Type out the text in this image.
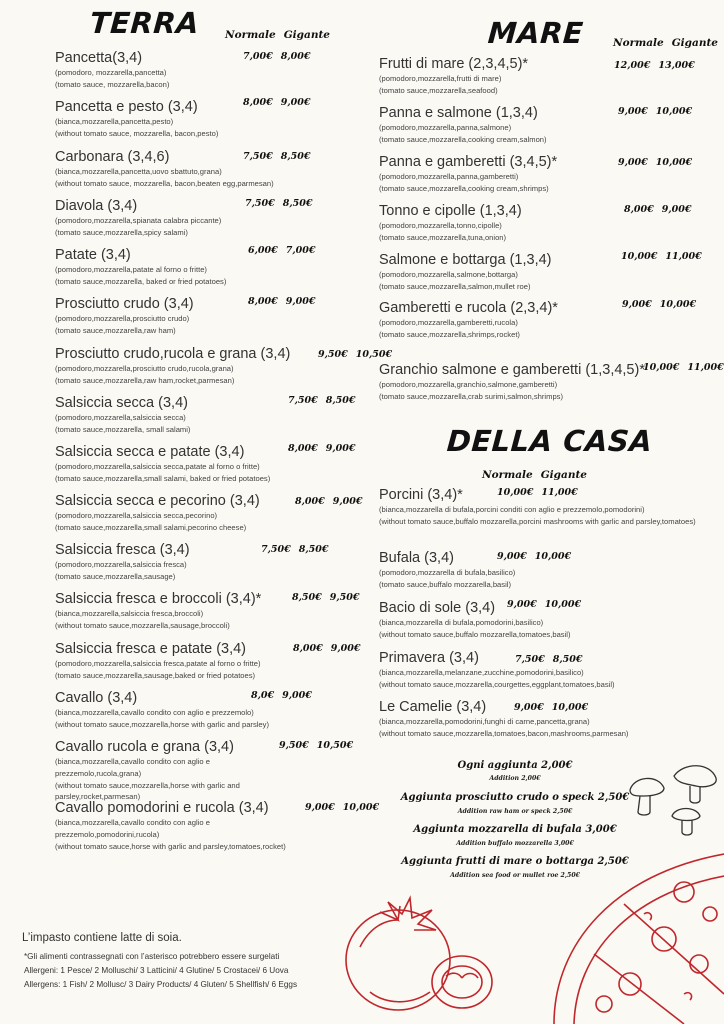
TERRA Normale Gigante
Pancetta(3,4)
(pomodoro, mozzarella,pancetta)
(tomato sauce, mozzarella,bacon)
7,00€ 8,00€
Pancetta e pesto (3,4)
(bianca,mozzarella,pancetta,pesto)
(without tomato sauce, mozzarella, bacon,pesto)
8,00€ 9,00€
Carbonara (3,4,6)
(bianca,mozzarella,pancetta,uovo sbattuto,grana)
(without tomato sauce, mozzarella, bacon,beaten egg,parmesan)
7,50€ 8,50€
Diavola (3,4)
(pomodoro,mozzarella,spianata calabra piccante)
(tomato sauce,mozzarella,spicy salami)
7,50€ 8,50€
Patate (3,4)
(pomodoro,mozzarella,patate al forno o fritte)
(tomato sauce,mozzarella, baked or fried potatoes)
6,00€ 7,00€
Prosciutto crudo (3,4)
(pomodoro,mozzarella,prosciutto crudo)
(tomato sauce,mozzarella,raw ham)
8,00€ 9,00€
Prosciutto crudo,rucola e grana (3,4)
(pomodoro,mozzarella,prosciutto crudo,rucola,grana)
(tomato sauce,mozzarella,raw ham,rocket,parmesan)
9,50€ 10,50€
Salsiccia secca (3,4)
(pomodoro,mozzarella,salsiccia secca)
(tomato sauce,mozzarella, small salami)
7,50€ 8,50€
Salsiccia secca e patate (3,4)
(pomodoro,mozzarella,salsiccia secca,patate al forno o fritte)
(tomato sauce,mozzarella,small salami, baked or fried potatoes)
8,00€ 9,00€
Salsiccia secca e pecorino (3,4)
(pomodoro,mozzarella,salsiccia secca,pecorino)
(tomato sauce,mozzarella,small salami,pecorino cheese)
8,00€ 9,00€
Salsiccia fresca (3,4)
(pomodoro,mozzarella,salsiccia fresca)
(tomato sauce,mozzarella,sausage)
7,50€ 8,50€
Salsiccia fresca e broccoli (3,4)*
(bianca,mozzarella,salsiccia fresca,broccoli)
(without tomato sauce,mozzarella,sausage,broccoli)
8,50€ 9,50€
Salsiccia fresca e patate (3,4)
(pomodoro,mozzarella,salsiccia fresca,patate al forno o fritte)
(tomato sauce,mozzarella,sausage,baked or fried potatoes)
8,00€ 9,00€
Cavallo (3,4)
(bianca,mozzarella,cavallo condito con aglio e prezzemolo)
(without tomato sauce,mozzarella,horse with garlic and parsley)
8,0€ 9,00€
Cavallo rucola e grana (3,4)
(bianca,mozzarella,cavallo condito con aglio e prezzemolo,rucola,grana)
(without tomato sauce,mozzarella,horse with garlic and parsley,rocket,parmesan)
9,50€ 10,50€
Cavallo pomodorini e rucola (3,4)
(bianca,mozzarella,cavallo condito con aglio e prezzemolo,pomodorini,rucola)
(without tomato sauce,horse with garlic and parsley,tomatoes,rocket)
9,00€ 10,00€
MARE	Normale Gigante
Frutti di mare (2,3,4,5)*
(pomodoro,mozzarella,frutti di mare)
(tomato sauce,mozzarella,seafood)
12,00€ 13,00€
Panna e salmone (1,3,4)
(pomodoro,mozzarella,panna,salmone)
(tomato sauce,mozzarella,cooking cream,salmon)
9,00€ 10,00€
Panna e gamberetti (3,4,5)*
(pomodoro,mozzarella,panna,gamberetti)
(tomato sauce,mozzarella,cooking cream,shrimps)
9,00€ 10,00€
Tonno e cipolle (1,3,4)
(pomodoro,mozzarella,tonno,cipolle)
(tomato sauce,mozzarella,tuna,onion)
8,00€ 9,00€
Salmone e bottarga (1,3,4)
(pomodoro,mozzarella,salmone,bottarga)
(tomato sauce,mozzarella,salmon,mullet roe)
10,00€ 11,00€
Gamberetti e rucola (2,3,4)*
(pomodoro,mozzarella,gamberetti,rucola)
(tomato sauce,mozzarella,shrimps,rocket)
9,00€ 10,00€
Granchio salmone e gamberetti (1,3,4,5)*
(pomodoro,mozzarella,granchio,salmone,gamberetti)
(tomato sauce,mozzarella,crab surimi,salmon,shrimps)
10,00€ 11,00€
DELLA CASA
Normale Gigante
Porcini (3,4)*
(bianca,mozzarella di bufala,porcini conditi con aglio e prezzemolo,pomodorini)
(without tomato sauce,buffalo mozzarella,porcini mashrooms with garlic and parsley,tomatoes)
10,00€ 11,00€
Bufala (3,4)
(pomodoro,mozzarella di bufala,basilico)
(tomato sauce,buffalo mozzarella,basil)
9,00€ 10,00€
Bacio di sole (3,4)
(bianca,mozzarella di bufala,pomodorini,basilico)
(without tomato sauce,buffalo mozzarella,tomatoes,basil)
9,00€ 10,00€
Primavera (3,4)
(bianca,mozzarella,melanzane,zucchine,pomodorini,basilico)
(without tomato sauce,mozzarella,courgettes,eggplant,tomatoes,basil)
7,50€ 8,50€
Le Camelie (3,4)
(bianca,mozzarella,pomodorini,funghi di carne,pancetta,grana)
(without tomato sauce,mozzarella,tomatoes,bacon,mashrooms,parmesan)
9,00€ 10,00€
Ogni aggiunta 2,00€
Addition 2,00€
Aggiunta prosciutto crudo o speck 2,50€
Addition raw ham or speck 2,50€
Aggiunta mozzarella di bufala 3,00€
Addition buffalo mozzarella 3,00€
Aggiunta frutti di mare o bottarga 2,50€
Addition sea food or mullet roe 2,50€
L’impasto contiene latte di soia.
*Gli alimenti contrassegnati con l’asterisco potrebbero essere surgelati
Allergeni: 1 Pesce/ 2 Molluschi/ 3 Latticini/ 4 Glutine/ 5 Crostacei/ 6 Uova
Allergens: 1 Fish/ 2 Mollusc/ 3 Dairy Products/ 4 Gluten/ 5 Shellfish/ 6 Eggs
